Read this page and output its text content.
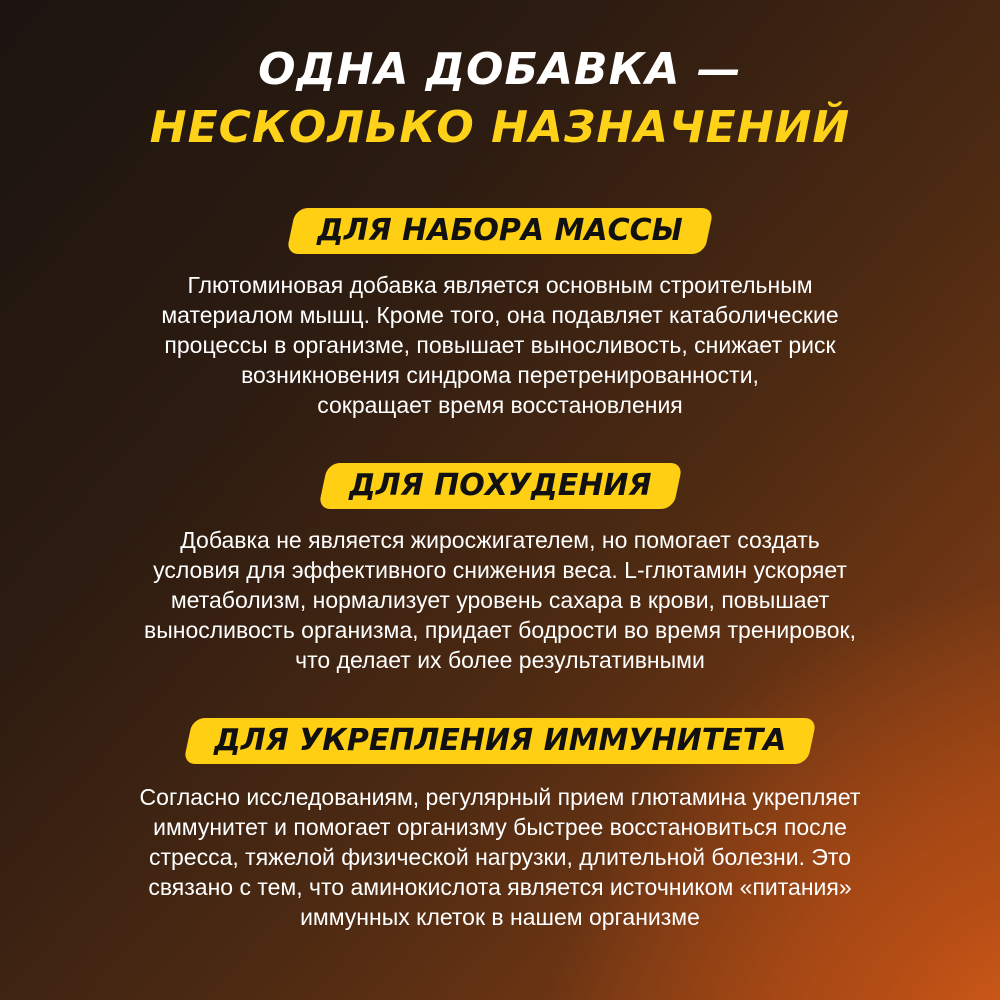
ОДНА ДОБАВКА —
НЕСКОЛЬКО НАЗНАЧЕНИЙ
ДЛЯ НАБОРА МАССЫ

Глютоминовая добавка является основным строительным
материалом мышц. Кроме того, она подавляет катаболические
процессы в организме, повышает выносливость, снижает риск
возникновения синдрома перетренированности,
сокращает время восстановления

ДЛЯ ПОХУДЕНИЯ

Добавка не является жиросжигателем, но помогает создать
условия для эффективного снижения веса. L-глютамин ускоряет
метаболизм, нормализует уровень сахара в крови, повышает
выносливость организма, придает бодрости во время тренировок,
что делает их более результативными

ДЛЯ УКРЕПЛЕНИЯ ИММУНИТЕТА

Согласно исследованиям, регулярный прием глютамина укрепляет
иммунитет и помогает организму быстрее восстановиться после
стресса, тяжелой физической нагрузки, длительной болезни. Это
связано с тем, что аминокислота является источником «питания»
иммунных клеток в нашем организме
